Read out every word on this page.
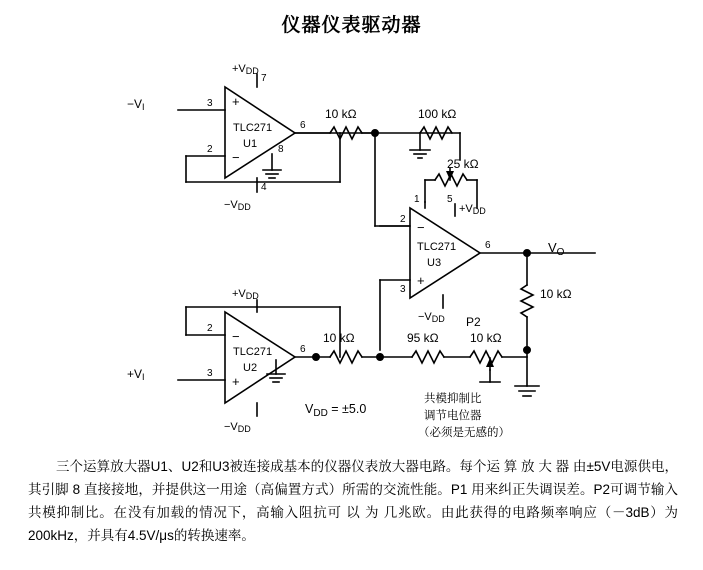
仪器仪表驱动器
TLC271
U1
+
−
3
2
7
4
8
6
+VDD
−VDD
−VI
TLC271
U2
−
+
2
3
6
+VDD
−VDD
+VI
TLC271
U3
−
+
1
2
3
5
6
+VDD
−VDD
10 kΩ	100 kΩ
25 kΩ
10 kΩ	95 kΩ	10 kΩ
P2
10 kΩ
$V_O$
$V_{DD} = \pm 5.0$
共模抑制比
调节电位器
（必须是无感的）

三个运算放大器U1、U2和U3被连接成基本的仪器仪表放大器电路。每个运 算 放 大 器 由±5V电源供电，其引脚 8 直接接地，并提供这一用途（高偏置方式）所需的交流性能。P1 用来纠正失调误差。P2可调节输入共模抑制比。在没有加载的情况下，高输入阻抗可 以 为 几兆欧。由此获得的电路频率响应（－3dB）为200kHz，并具有4.5V/μs的转换速率。
